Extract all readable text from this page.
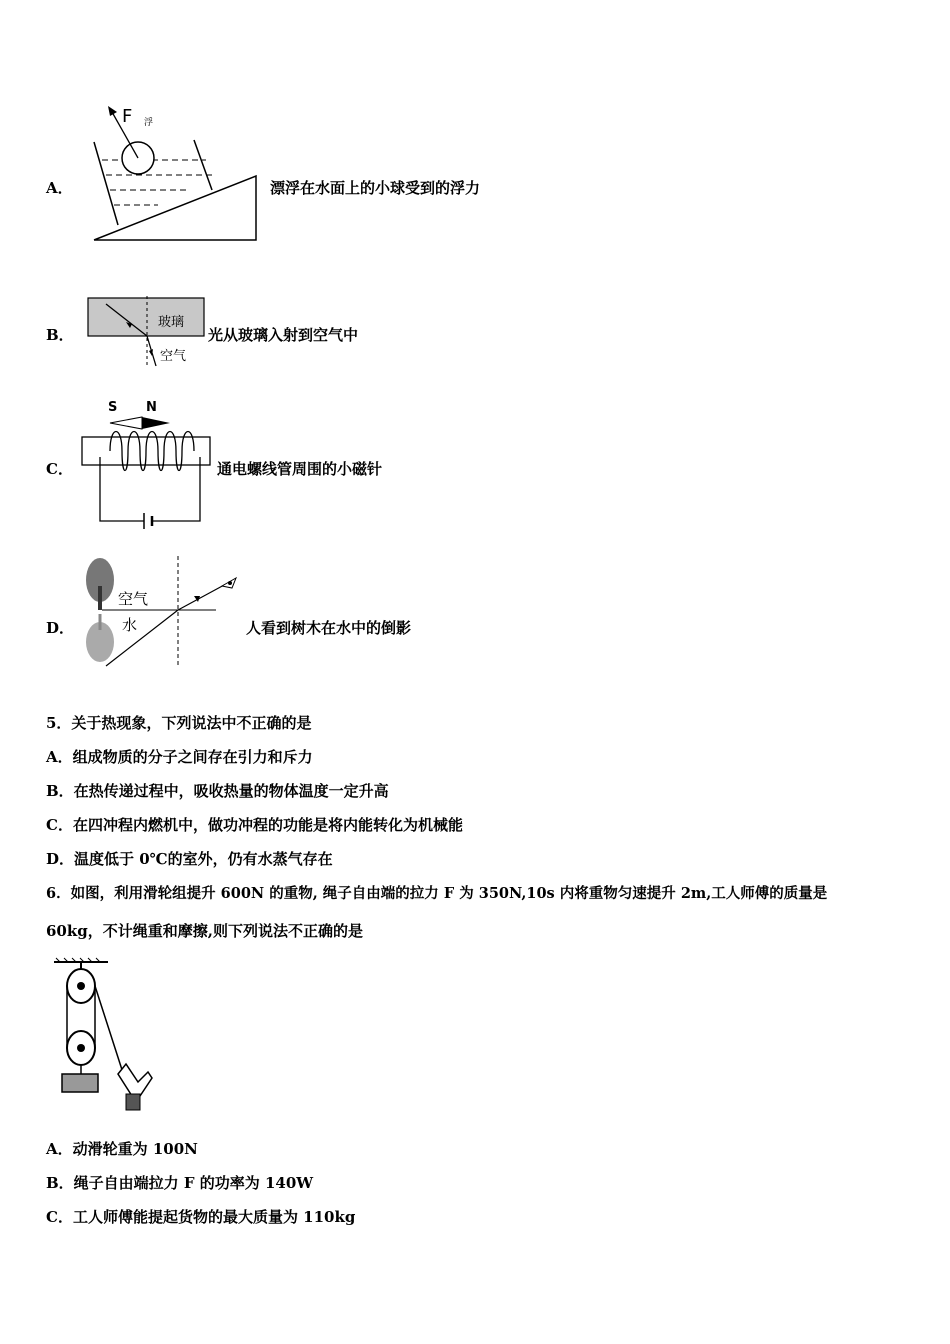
A．
F 浮
漂浮在水面上的小球受到的浮力
B．
玻璃
空气
光从玻璃入射到空气中
C．
S N
通电螺线管周围的小磁针
D．
空气
水	人看到树木在水中的倒影
5．关于热现象，下列说法中不正确的是
A．组成物质的分子之间存在引力和斥力
B．在热传递过程中，吸收热量的物体温度一定升高
C．在四冲程内燃机中，做功冲程的功能是将内能转化为机械能
D．温度低于 0℃的室外，仍有水蒸气存在
6．如图，利用滑轮组提升 600N 的重物, 绳子自由端的拉力 F 为 350N,10s 内将重物匀速提升 2m,工人师傅的质量是
60kg，不计绳重和摩擦,则下列说法不正确的是
A．动滑轮重为 100N
B．绳子自由端拉力 F 的功率为 140W
C．工人师傅能提起货物的最大质量为 110kg
